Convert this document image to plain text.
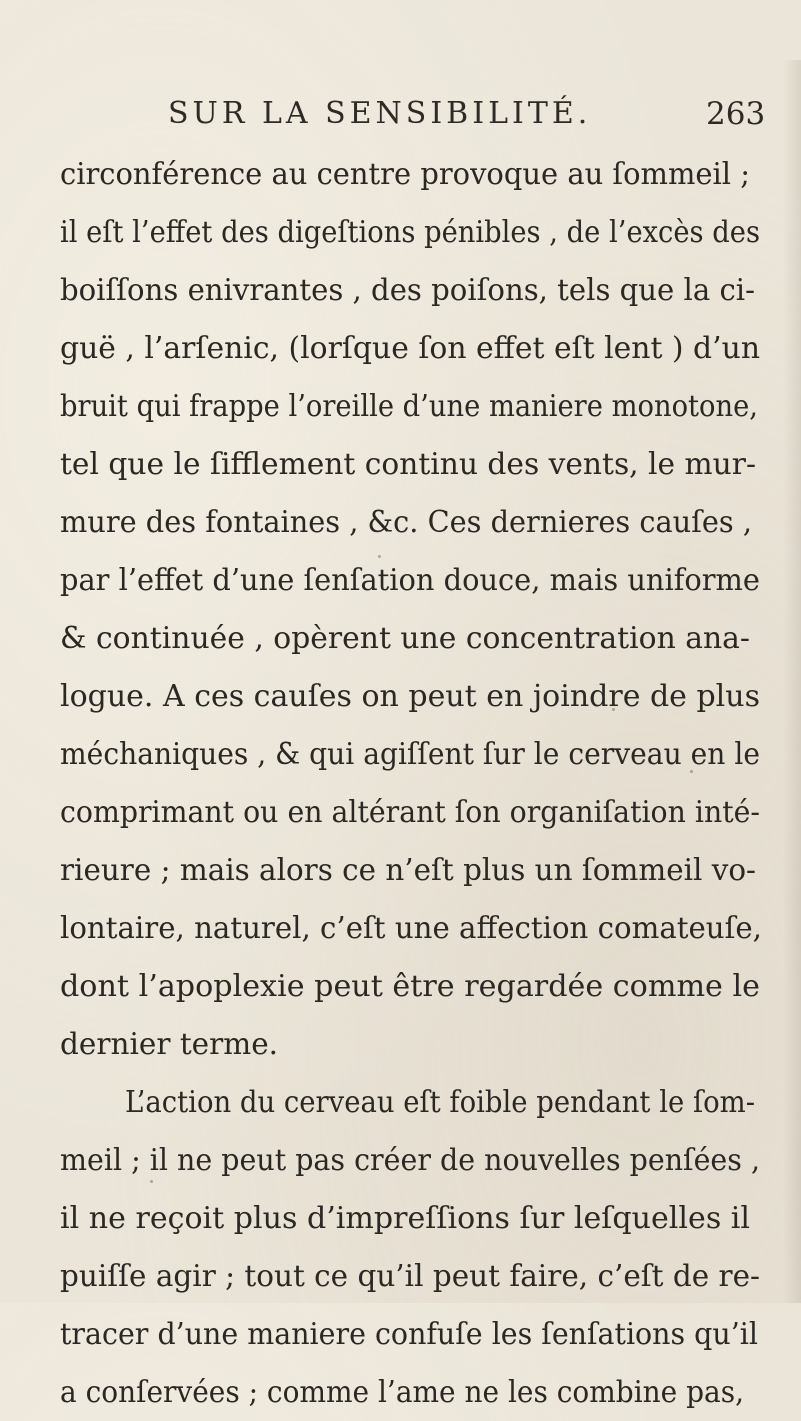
SUR LA SENSIBILITÉ.	263
circonférence au centre provoque au ſommeil ;
il eſt l’effet des digeſtions pénibles , de l’excès des
boiſſons enivrantes , des poiſons, tels que la ci-
guë , l’arſenic, (lorſque ſon effet eſt lent ) d’un
bruit qui frappe l’oreille d’une maniere monotone,
tel que le ſifflement continu des vents, le mur-
mure des fontaines , &c. Ces dernieres cauſes ,
par l’effet d’une ſenſation douce, mais uniforme
& continuée , opèrent une concentration ana-
logue. A ces cauſes on peut en joindre de plus
méchaniques , & qui agiſſent ſur le cerveau en le
comprimant ou en altérant ſon organiſation inté-
rieure ; mais alors ce n’eſt plus un ſommeil vo-
lontaire, naturel, c’eſt une affection comateuſe,
dont l’apoplexie peut être regardée comme le
dernier terme.
L’action du cerveau eſt foible pendant le ſom-
meil ; il ne peut pas créer de nouvelles penſées ,
il ne reçoit plus d’impreſſions ſur leſquelles il
puiſſe agir ; tout ce qu’il peut faire, c’eſt de re-
tracer d’une maniere confuſe les ſenſations qu’il
a conſervées ; comme l’ame ne les combine pas,
